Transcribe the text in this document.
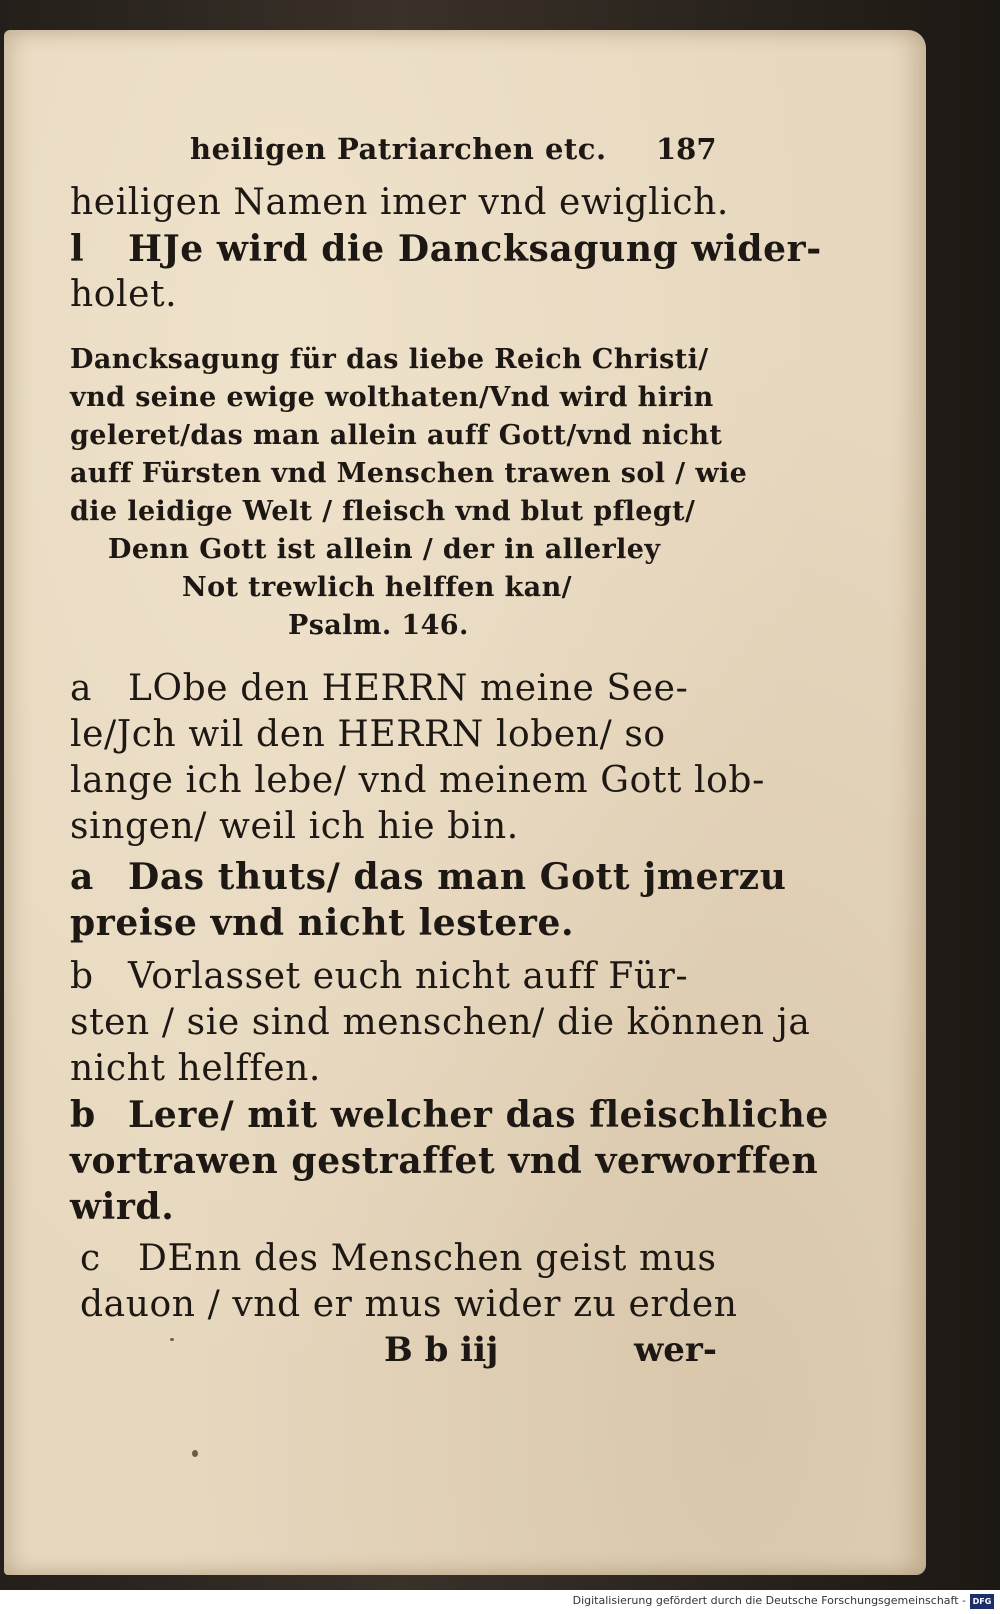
heiligen Patriarchen etc. 187
heiligen Namen imer vnd ewiglich.
l HJe wird die Dancksagung wider-
holet.
Dancksagung für das liebe Reich Christi/
vnd seine ewige wolthaten/Vnd wird hirin
geleret/das man allein auff Gott/vnd nicht
auff Fürsten vnd Menschen trawen sol / wie
die leidige Welt / fleisch vnd blut pflegt/
Denn Gott ist allein / der in allerley
Not trewlich helffen kan/
Psalm. 146.
a LObe den HERRN meine See-
le/Jch wil den HERRN loben/ so
lange ich lebe/ vnd meinem Gott lob-
singen/ weil ich hie bin.
a Das thuts/ das man Gott jmerzu
preise vnd nicht lestere.
b Vorlasset euch nicht auff Für-
sten / sie sind menschen/ die können ja
nicht helffen.
b Lere/ mit welcher das fleischliche
vortrawen gestraffet vnd verworffen
wird.
c DEnn des Menschen geist mus
dauon / vnd er mus wider zu erden
B b iij	wer-
Digitalisierung gefördert durch die Deutsche Forschungsgemeinschaft - DFG
